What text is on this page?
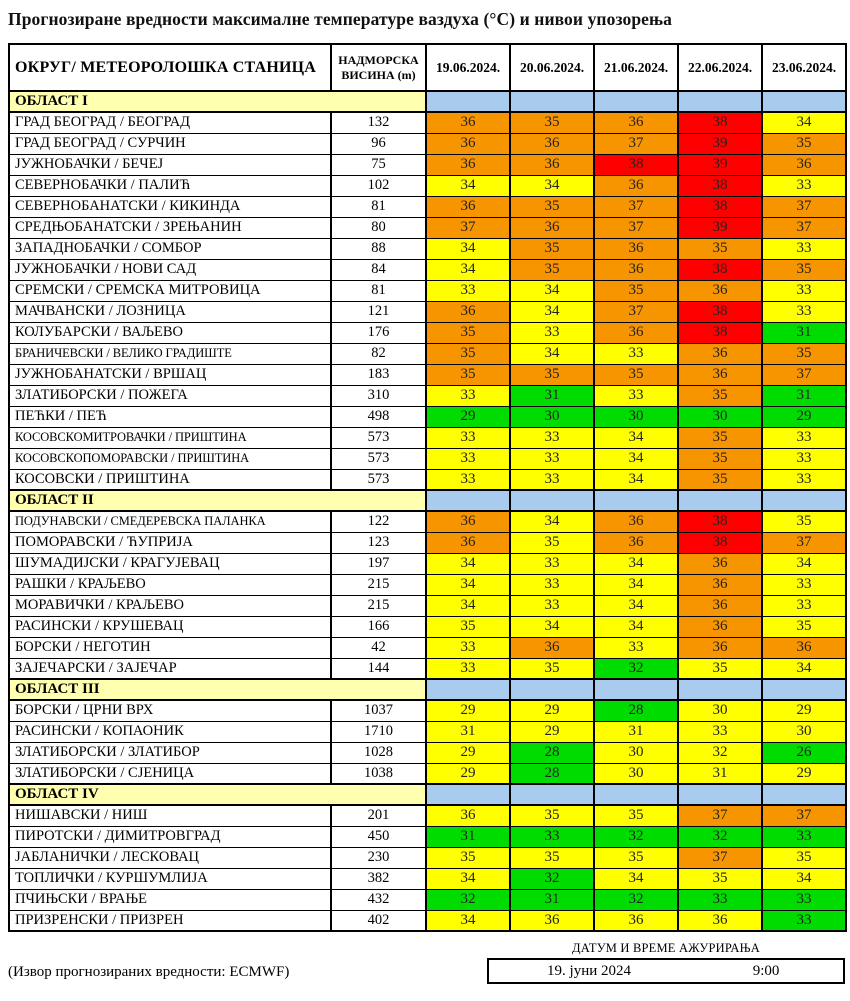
Прогнозиране вредности максималне температуре ваздуха (°C) и нивои упозорења
ОКРУГ/ МЕТЕОРОЛОШКА СТАНИЦА	НАДМОРСКА
ВИСИНА (m)	19.06.2024.	20.06.2024.	21.06.2024.	22.06.2024.	23.06.2024.
ОБЛАСТ I						
ГРАД БЕОГРАД / БЕОГРАД	132	36	35	36	38	34
ГРАД БЕОГРАД / СУРЧИН	96	36	36	37	39	35
ЈУЖНОБАЧКИ / БЕЧЕЈ	75	36	36	38	39	36
СЕВЕРНОБАЧКИ / ПАЛИЋ	102	34	34	36	38	33
СЕВЕРНОБАНАТСКИ / КИКИНДА	81	36	35	37	38	37
СРЕДЊОБАНАТСКИ / ЗРЕЊАНИН	80	37	36	37	39	37
ЗАПАДНОБАЧКИ / СОМБОР	88	34	35	36	35	33
ЈУЖНОБАЧКИ / НОВИ САД	84	34	35	36	38	35
СРЕМСКИ / СРЕМСКА МИТРОВИЦА	81	33	34	35	36	33
МАЧВАНСКИ / ЛОЗНИЦА	121	36	34	37	38	33
КОЛУБАРСКИ / ВАЉЕВО	176	35	33	36	38	31
БРАНИЧЕВСКИ / ВЕЛИКО ГРАДИШТЕ	82	35	34	33	36	35
ЈУЖНОБАНАТСКИ / ВРШАЦ	183	35	35	35	36	37
ЗЛАТИБОРСКИ / ПОЖЕГА	310	33	31	33	35	31
ПЕЋКИ / ПЕЋ	498	29	30	30	30	29
КОСОВСКОМИТРОВАЧКИ / ПРИШТИНА	573	33	33	34	35	33
КОСОВСКОПОМОРАВСКИ / ПРИШТИНА	573	33	33	34	35	33
КОСОВСКИ / ПРИШТИНА	573	33	33	34	35	33
ОБЛАСТ II						
ПОДУНАВСКИ / СМЕДЕРЕВСКА ПАЛАНКА	122	36	34	36	38	35
ПОМОРАВСКИ / ЋУПРИЈА	123	36	35	36	38	37
ШУМАДИЈСКИ / КРАГУЈЕВАЦ	197	34	33	34	36	34
РАШКИ / КРАЉЕВО	215	34	33	34	36	33
МОРАВИЧКИ / КРАЉЕВО	215	34	33	34	36	33
РАСИНСКИ / КРУШЕВАЦ	166	35	34	34	36	35
БОРСКИ / НЕГОТИН	42	33	36	33	36	36
ЗАЈЕЧАРСКИ / ЗАЈЕЧАР	144	33	35	32	35	34
ОБЛАСТ III						
БОРСКИ / ЦРНИ ВРХ	1037	29	29	28	30	29
РАСИНСКИ / КОПАОНИК	1710	31	29	31	33	30
ЗЛАТИБОРСКИ / ЗЛАТИБОР	1028	29	28	30	32	26
ЗЛАТИБОРСКИ / СЈЕНИЦА	1038	29	28	30	31	29
ОБЛАСТ IV						
НИШАВСКИ / НИШ	201	36	35	35	37	37
ПИРОТСКИ / ДИМИТРОВГРАД	450	31	33	32	32	33
ЈАБЛАНИЧКИ / ЛЕСКОВАЦ	230	35	35	35	37	35
ТОПЛИЧКИ / КУРШУМЛИЈА	382	34	32	34	35	34
ПЧИЊСКИ / ВРАЊЕ	432	32	31	32	33	33
ПРИЗРЕНСКИ / ПРИЗРЕН	402	34	36	36	36	33
(Извор прогнозираних вредности: ECMWF)
ДАТУМ И ВРЕМЕ АЖУРИРАЊА
19. јуни 2024	9:00
